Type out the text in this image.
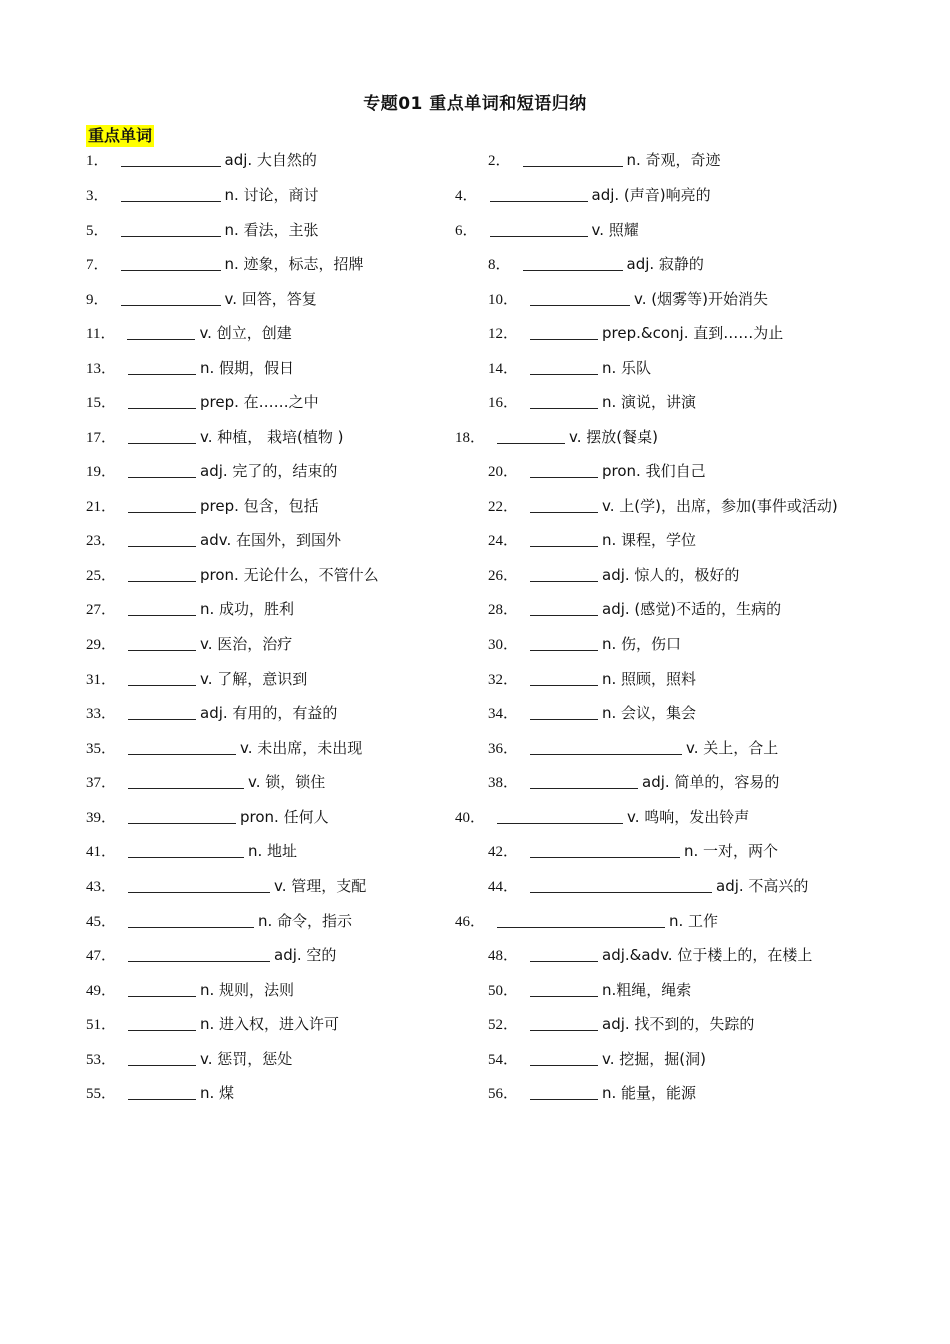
专题01 重点单词和短语归纳
重点单词
1．	adj. 大自然的	2．	n. 奇观，奇迹
3．	n. 讨论，商讨	4．	adj. (声音)响亮的
5．	n. 看法，主张	6．	v. 照耀
7．	n. 迹象，标志，招牌	8．	adj. 寂静的
9．	v. 回答，答复	10．	v. (烟雾等)开始消失
11．	v. 创立，创建	12．	prep.&conj. 直到……为止
13．	n. 假期，假日	14．	n. 乐队
15．	prep. 在……之中	16．	n. 演说，讲演
17．	v. 种植， 栽培(植物 )	18．	v. 摆放(餐桌)
19．	adj. 完了的，结束的	20．	pron. 我们自己
21．	prep. 包含，包括	22．	v. 上(学)，出席，参加(事件或活动)
23．	adv. 在国外，到国外	24．	n. 课程，学位
25．	pron. 无论什么，不管什么	26．	adj. 惊人的，极好的
27．	n. 成功，胜利	28．	adj. (感觉)不适的，生病的
29．	v. 医治，治疗	30．	n. 伤，伤口
31．	v. 了解，意识到	32．	n. 照顾，照料
33．	adj. 有用的，有益的	34．	n. 会议，集会
35．	v. 未出席，未出现	36．	v. 关上，合上
37．	v. 锁，锁住	38．	adj. 简单的，容易的
39．	pron. 任何人	40．	v. 鸣响，发出铃声
41．	n. 地址	42．	n. 一对，两个
43．	v. 管理，支配	44．	adj. 不高兴的
45．	n. 命令，指示	46．	n. 工作
47．	adj. 空的	48．	adj.&adv. 位于楼上的，在楼上
49．	n. 规则，法则	50．	n.粗绳，绳索
51．	n. 进入权，进入许可	52．	adj. 找不到的，失踪的
53．	v. 惩罚，惩处	54．	v. 挖掘，掘(洞)
55．	n. 煤	56．	n. 能量，能源
